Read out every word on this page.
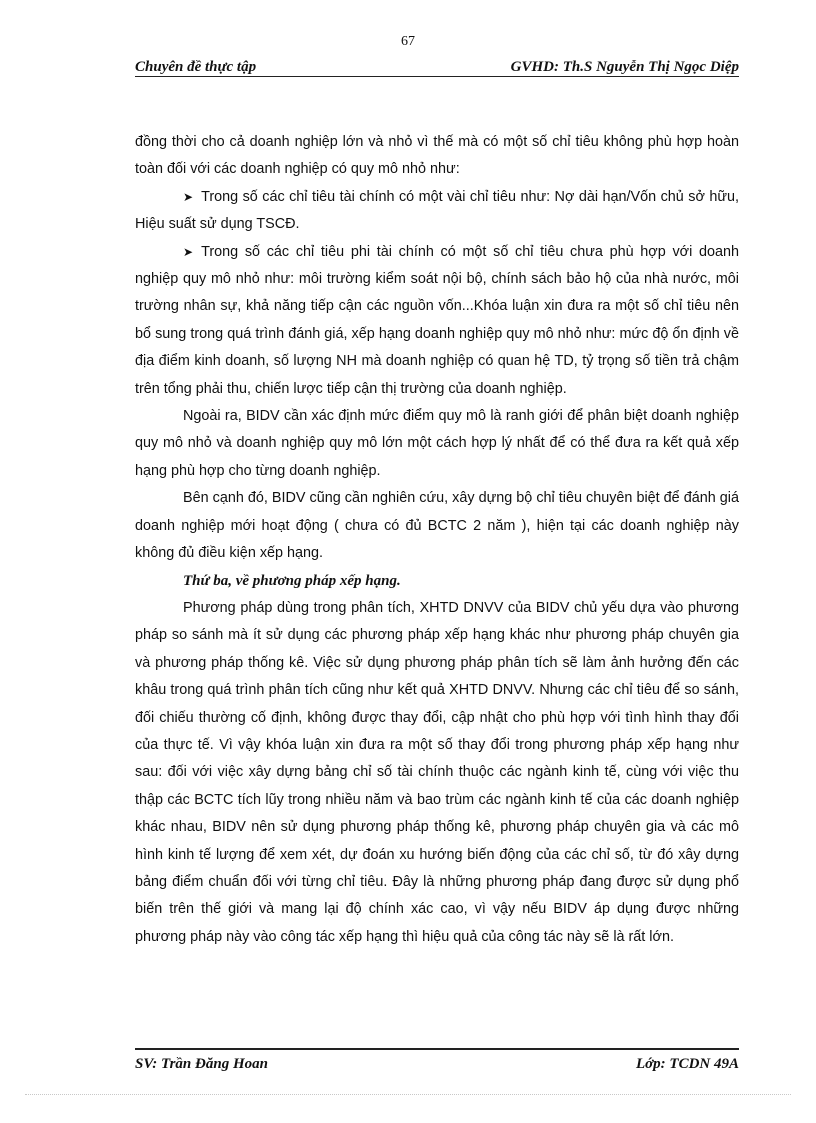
67
Chuyên đề thực tập	GVHD: Th.S Nguyễn Thị Ngọc Diệp

đồng thời cho cả doanh nghiệp lớn và nhỏ vì thế mà có một số chỉ tiêu không phù hợp hoàn toàn đối với các doanh nghiệp có quy mô nhỏ như:

➤ Trong số các chỉ tiêu tài chính có một vài chỉ tiêu như: Nợ dài hạn/Vốn chủ sở hữu, Hiệu suất sử dụng TSCĐ.

➤ Trong số các chỉ tiêu phi tài chính có một số chỉ tiêu chưa phù hợp với doanh nghiệp quy mô nhỏ như: môi trường kiểm soát nội bộ, chính sách bảo hộ của nhà nước, môi trường nhân sự, khả năng tiếp cận các nguồn vốn...Khóa luận xin đưa ra một số chỉ tiêu nên bổ sung trong quá trình đánh giá, xếp hạng doanh nghiệp quy mô nhỏ như: mức độ ổn định về địa điểm kinh doanh, số lượng NH mà doanh nghiệp có quan hệ TD, tỷ trọng số tiền trả chậm trên tổng phải thu, chiến lược tiếp cận thị trường của doanh nghiệp.

Ngoài ra, BIDV cần xác định mức điểm quy mô là ranh giới để phân biệt doanh nghiệp quy mô nhỏ và doanh nghiệp quy mô lớn một cách hợp lý nhất để có thể đưa ra kết quả xếp hạng phù hợp cho từng doanh nghiệp.

Bên cạnh đó, BIDV cũng cần nghiên cứu, xây dựng bộ chỉ tiêu chuyên biệt để đánh giá doanh nghiệp mới hoạt động ( chưa có đủ BCTC 2 năm ), hiện tại các doanh nghiệp này không đủ điều kiện xếp hạng.

Thứ ba, về phương pháp xếp hạng.

Phương pháp dùng trong phân tích, XHTD DNVV của BIDV chủ yếu dựa vào phương pháp so sánh mà ít sử dụng các phương pháp xếp hạng khác như phương pháp chuyên gia và phương pháp thống kê. Việc sử dụng phương pháp phân tích sẽ làm ảnh hưởng đến các khâu trong quá trình phân tích cũng như kết quả XHTD DNVV. Nhưng các chỉ tiêu để so sánh, đối chiếu thường cố định, không được thay đổi, cập nhật cho phù hợp với tình hình thay đổi của thực tế. Vì vậy khóa luận xin đưa ra một số thay đổi trong phương pháp xếp hạng như sau: đối với việc xây dựng bảng chỉ số tài chính thuộc các ngành kinh tế, cùng với việc thu thập các BCTC tích lũy trong nhiều năm và bao trùm các ngành kinh tế của các doanh nghiệp khác nhau, BIDV nên sử dụng phương pháp thống kê, phương pháp chuyên gia và các mô hình kinh tế lượng để xem xét, dự đoán xu hướng biến động của các chỉ số, từ đó xây dựng bảng điểm chuẩn đối với từng chỉ tiêu. Đây là những phương pháp đang được sử dụng phổ biến trên thế giới và mang lại độ chính xác cao, vì vậy nếu BIDV áp dụng được những phương pháp này vào công tác xếp hạng thì hiệu quả của công tác này sẽ là rất lớn.

SV: Trần Đăng Hoan	Lớp: TCDN 49A
